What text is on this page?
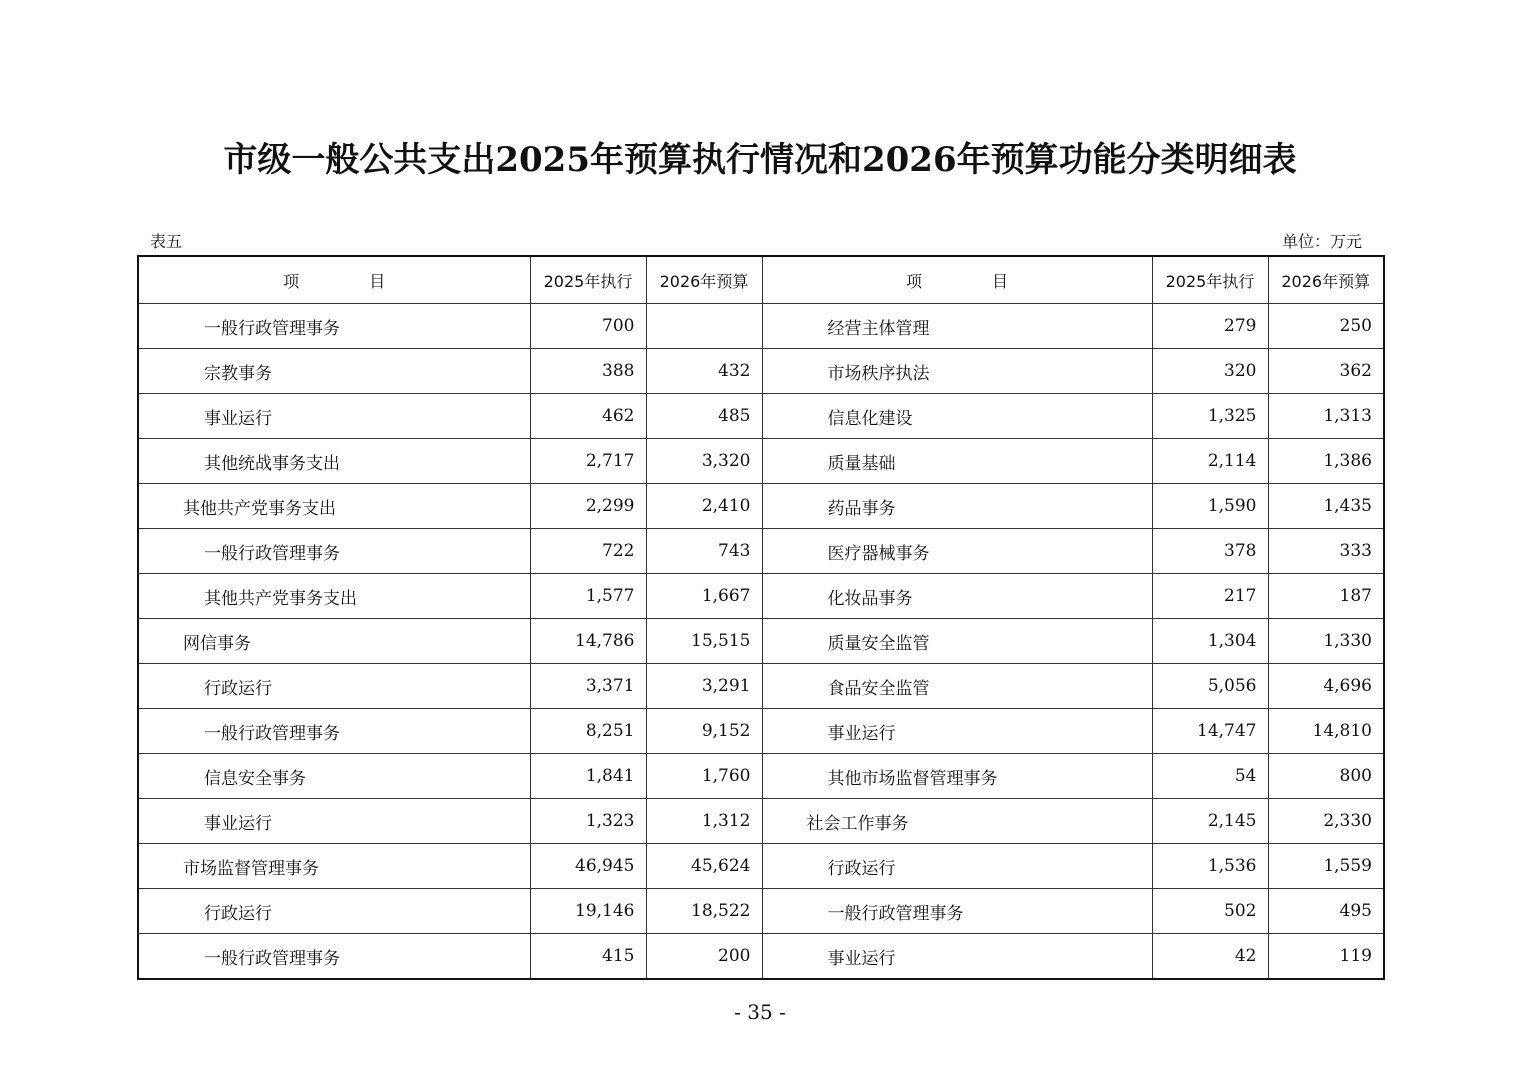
市级一般公共支出2025年预算执行情况和2026年预算功能分类明细表
表五	单位：万元
项 目	2025年执行	2026年预算	项 目	2025年执行	2026年预算
一般行政管理事务	700		经营主体管理	279	250
宗教事务	388	432	市场秩序执法	320	362
事业运行	462	485	信息化建设	1,325	1,313
其他统战事务支出	2,717	3,320	质量基础	2,114	1,386
其他共产党事务支出	2,299	2,410	药品事务	1,590	1,435
一般行政管理事务	722	743	医疗器械事务	378	333
其他共产党事务支出	1,577	1,667	化妆品事务	217	187
网信事务	14,786	15,515	质量安全监管	1,304	1,330
行政运行	3,371	3,291	食品安全监管	5,056	4,696
一般行政管理事务	8,251	9,152	事业运行	14,747	14,810
信息安全事务	1,841	1,760	其他市场监督管理事务	54	800
事业运行	1,323	1,312	社会工作事务	2,145	2,330
市场监督管理事务	46,945	45,624	行政运行	1,536	1,559
行政运行	19,146	18,522	一般行政管理事务	502	495
一般行政管理事务	415	200	事业运行	42	119
- 35 -
